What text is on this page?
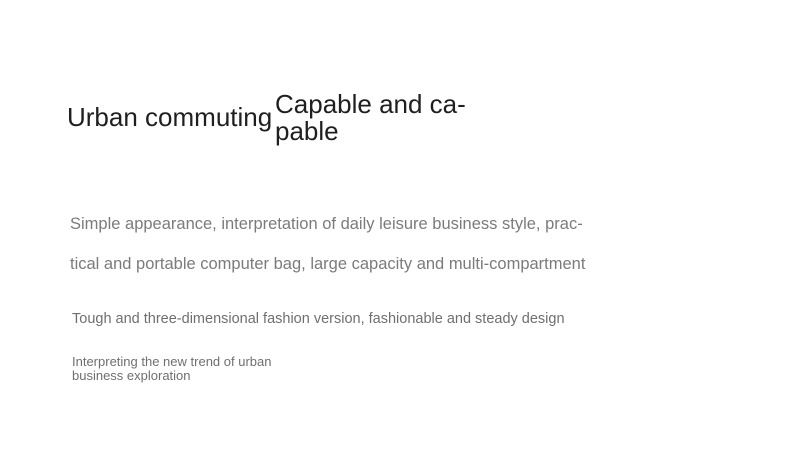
Urban commuting Capable and ca-
pable

Simple appearance, interpretation of daily leisure business style, prac-
tical and portable computer bag, large capacity and multi-compartment

Tough and three-dimensional fashion version, fashionable and steady design

Interpreting the new trend of urban
business exploration
